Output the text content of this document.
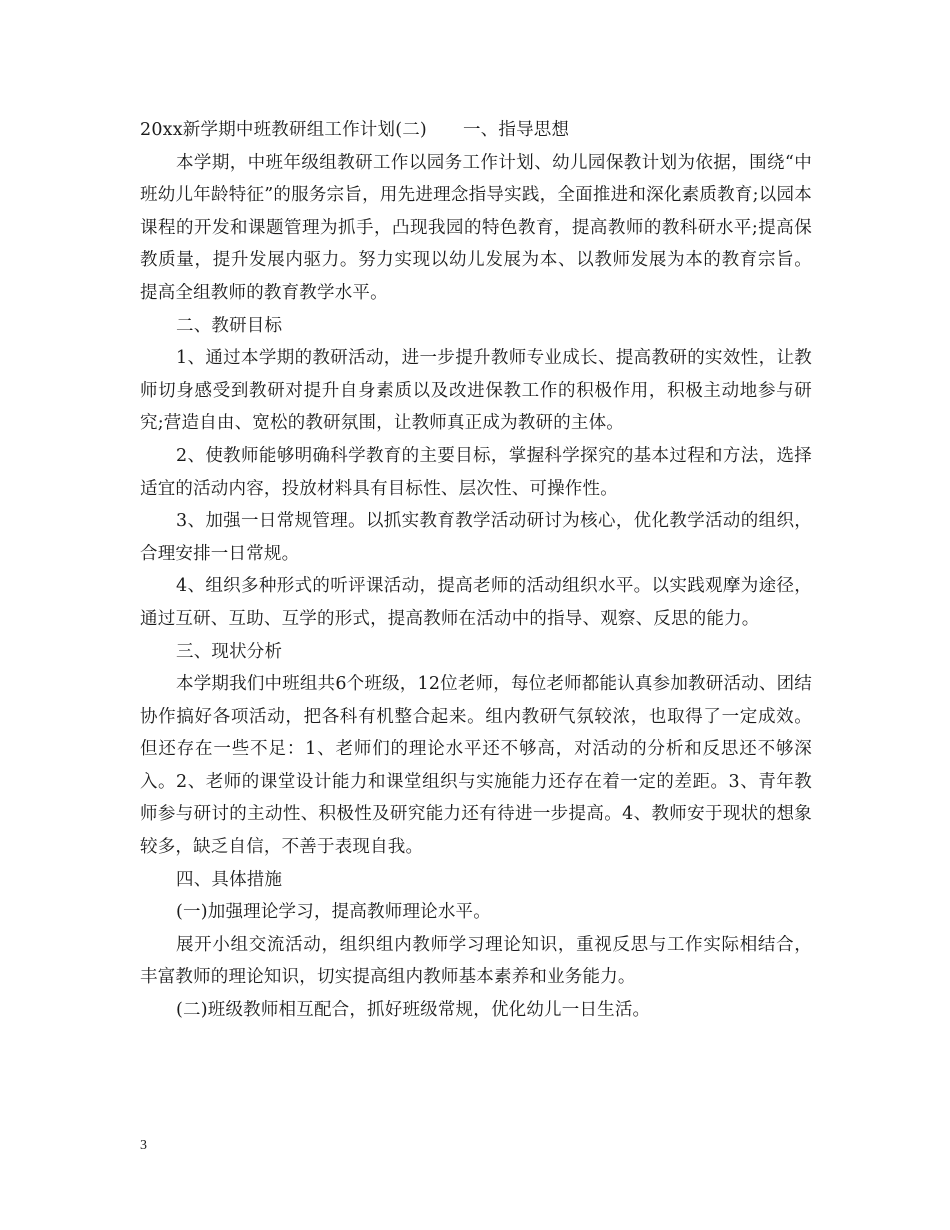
20xx新学期中班教研组工作计划(二) 一、指导思想

本学期，中班年级组教研工作以园务工作计划、幼儿园保教计划为依据，围绕“中班幼儿年龄特征”的服务宗旨，用先进理念指导实践，全面推进和深化素质教育;以园本课程的开发和课题管理为抓手，凸现我园的特色教育，提高教师的教科研水平;提高保教质量，提升发展内驱力。努力实现以幼儿发展为本、以教师发展为本的教育宗旨。提高全组教师的教育教学水平。

二、教研目标

1、通过本学期的教研活动，进一步提升教师专业成长、提高教研的实效性，让教师切身感受到教研对提升自身素质以及改进保教工作的积极作用，积极主动地参与研究;营造自由、宽松的教研氛围，让教师真正成为教研的主体。

2、使教师能够明确科学教育的主要目标，掌握科学探究的基本过程和方法，选择适宜的活动内容，投放材料具有目标性、层次性、可操作性。

3、加强一日常规管理。以抓实教育教学活动研讨为核心，优化教学活动的组织，合理安排一日常规。

4、组织多种形式的听评课活动，提高老师的活动组织水平。以实践观摩为途径，通过互研、互助、互学的形式，提高教师在活动中的指导、观察、反思的能力。

三、现状分析

本学期我们中班组共6个班级，12位老师，每位老师都能认真参加教研活动、团结协作搞好各项活动，把各科有机整合起来。组内教研气氛较浓，也取得了一定成效。但还存在一些不足：1、老师们的理论水平还不够高，对活动的分析和反思还不够深入。2、老师的课堂设计能力和课堂组织与实施能力还存在着一定的差距。3、青年教师参与研讨的主动性、积极性及研究能力还有待进一步提高。4、教师安于现状的想象较多，缺乏自信，不善于表现自我。

四、具体措施

(一)加强理论学习，提高教师理论水平。

展开小组交流活动，组织组内教师学习理论知识，重视反思与工作实际相结合，丰富教师的理论知识，切实提高组内教师基本素养和业务能力。

(二)班级教师相互配合，抓好班级常规，优化幼儿一日生活。

3
